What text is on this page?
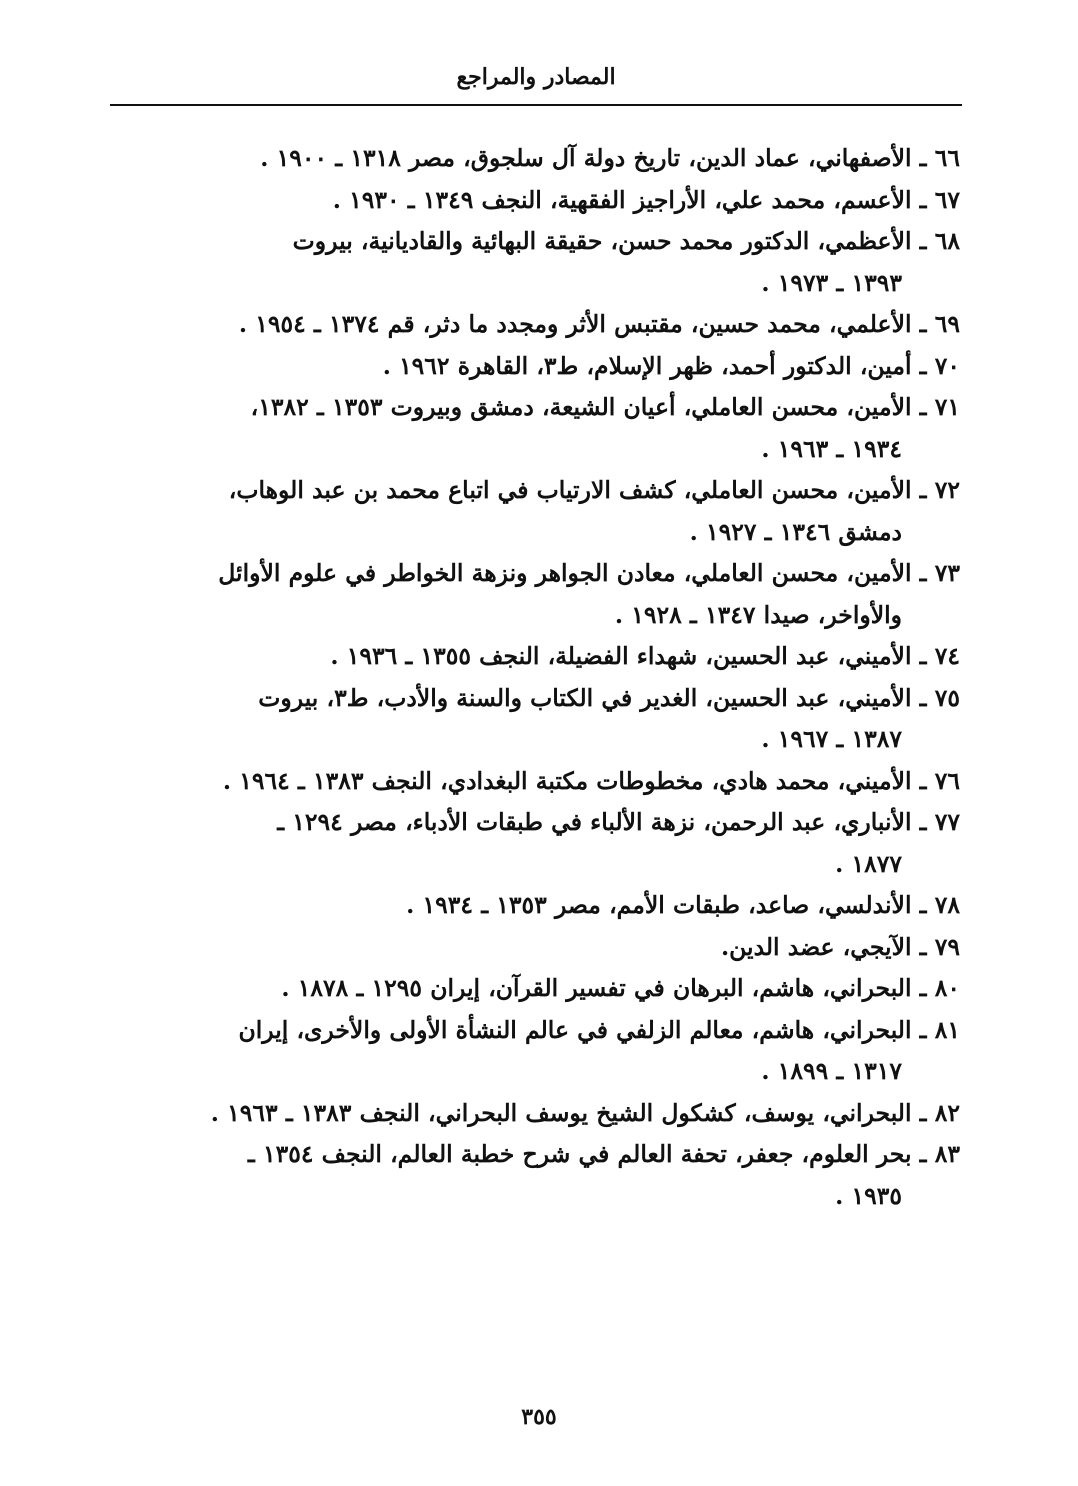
المصادر والمراجع
٦٦ ـ الأصفهاني، عماد الدين، تاريخ دولة آل سلجوق، مصر ١٣١٨ ـ ١٩٠٠ .
٦٧ ـ الأعسم، محمد علي، الأراجيز الفقهية، النجف ١٣٤٩ ـ ١٩٣٠ .
٦٨ ـ الأعظمي، الدكتور محمد حسن، حقيقة البهائية والقاديانية، بيروت
١٣٩٣ ـ ١٩٧٣ .
٦٩ ـ الأعلمي، محمد حسين، مقتبس الأثر ومجدد ما دثر، قم ١٣٧٤ ـ ١٩٥٤ .
٧٠ ـ أمين، الدكتور أحمد، ظهر الإسلام، ط٣، القاهرة ١٩٦٢ .
٧١ ـ الأمين، محسن العاملي، أعيان الشيعة، دمشق وبيروت ١٣٥٣ ـ ١٣٨٢،
١٩٣٤ ـ ١٩٦٣ .
٧٢ ـ الأمين، محسن العاملي، كشف الارتياب في اتباع محمد بن عبد الوهاب،
دمشق ١٣٤٦ ـ ١٩٢٧ .
٧٣ ـ الأمين، محسن العاملي، معادن الجواهر ونزهة الخواطر في علوم الأوائل
والأواخر، صيدا ١٣٤٧ ـ ١٩٢٨ .
٧٤ ـ الأميني، عبد الحسين، شهداء الفضيلة، النجف ١٣٥٥ ـ ١٩٣٦ .
٧٥ ـ الأميني، عبد الحسين، الغدير في الكتاب والسنة والأدب، ط٣، بيروت
١٣٨٧ ـ ١٩٦٧ .
٧٦ ـ الأميني، محمد هادي، مخطوطات مكتبة البغدادي، النجف ١٣٨٣ ـ ١٩٦٤ .
٧٧ ـ الأنباري، عبد الرحمن، نزهة الألباء في طبقات الأدباء، مصر ١٢٩٤ ـ
١٨٧٧ .
٧٨ ـ الأندلسي، صاعد، طبقات الأمم، مصر ١٣٥٣ ـ ١٩٣٤ .
٧٩ ـ الآيجي، عضد الدين.
٨٠ ـ البحراني، هاشم، البرهان في تفسير القرآن، إيران ١٢٩٥ ـ ١٨٧٨ .
٨١ ـ البحراني، هاشم، معالم الزلفي في عالم النشأة الأولى والأخرى، إيران
١٣١٧ ـ ١٨٩٩ .
٨٢ ـ البحراني، يوسف، كشكول الشيخ يوسف البحراني، النجف ١٣٨٣ ـ ١٩٦٣ .
٨٣ ـ بحر العلوم، جعفر، تحفة العالم في شرح خطبة العالم، النجف ١٣٥٤ ـ
١٩٣٥ .
٣٥٥
